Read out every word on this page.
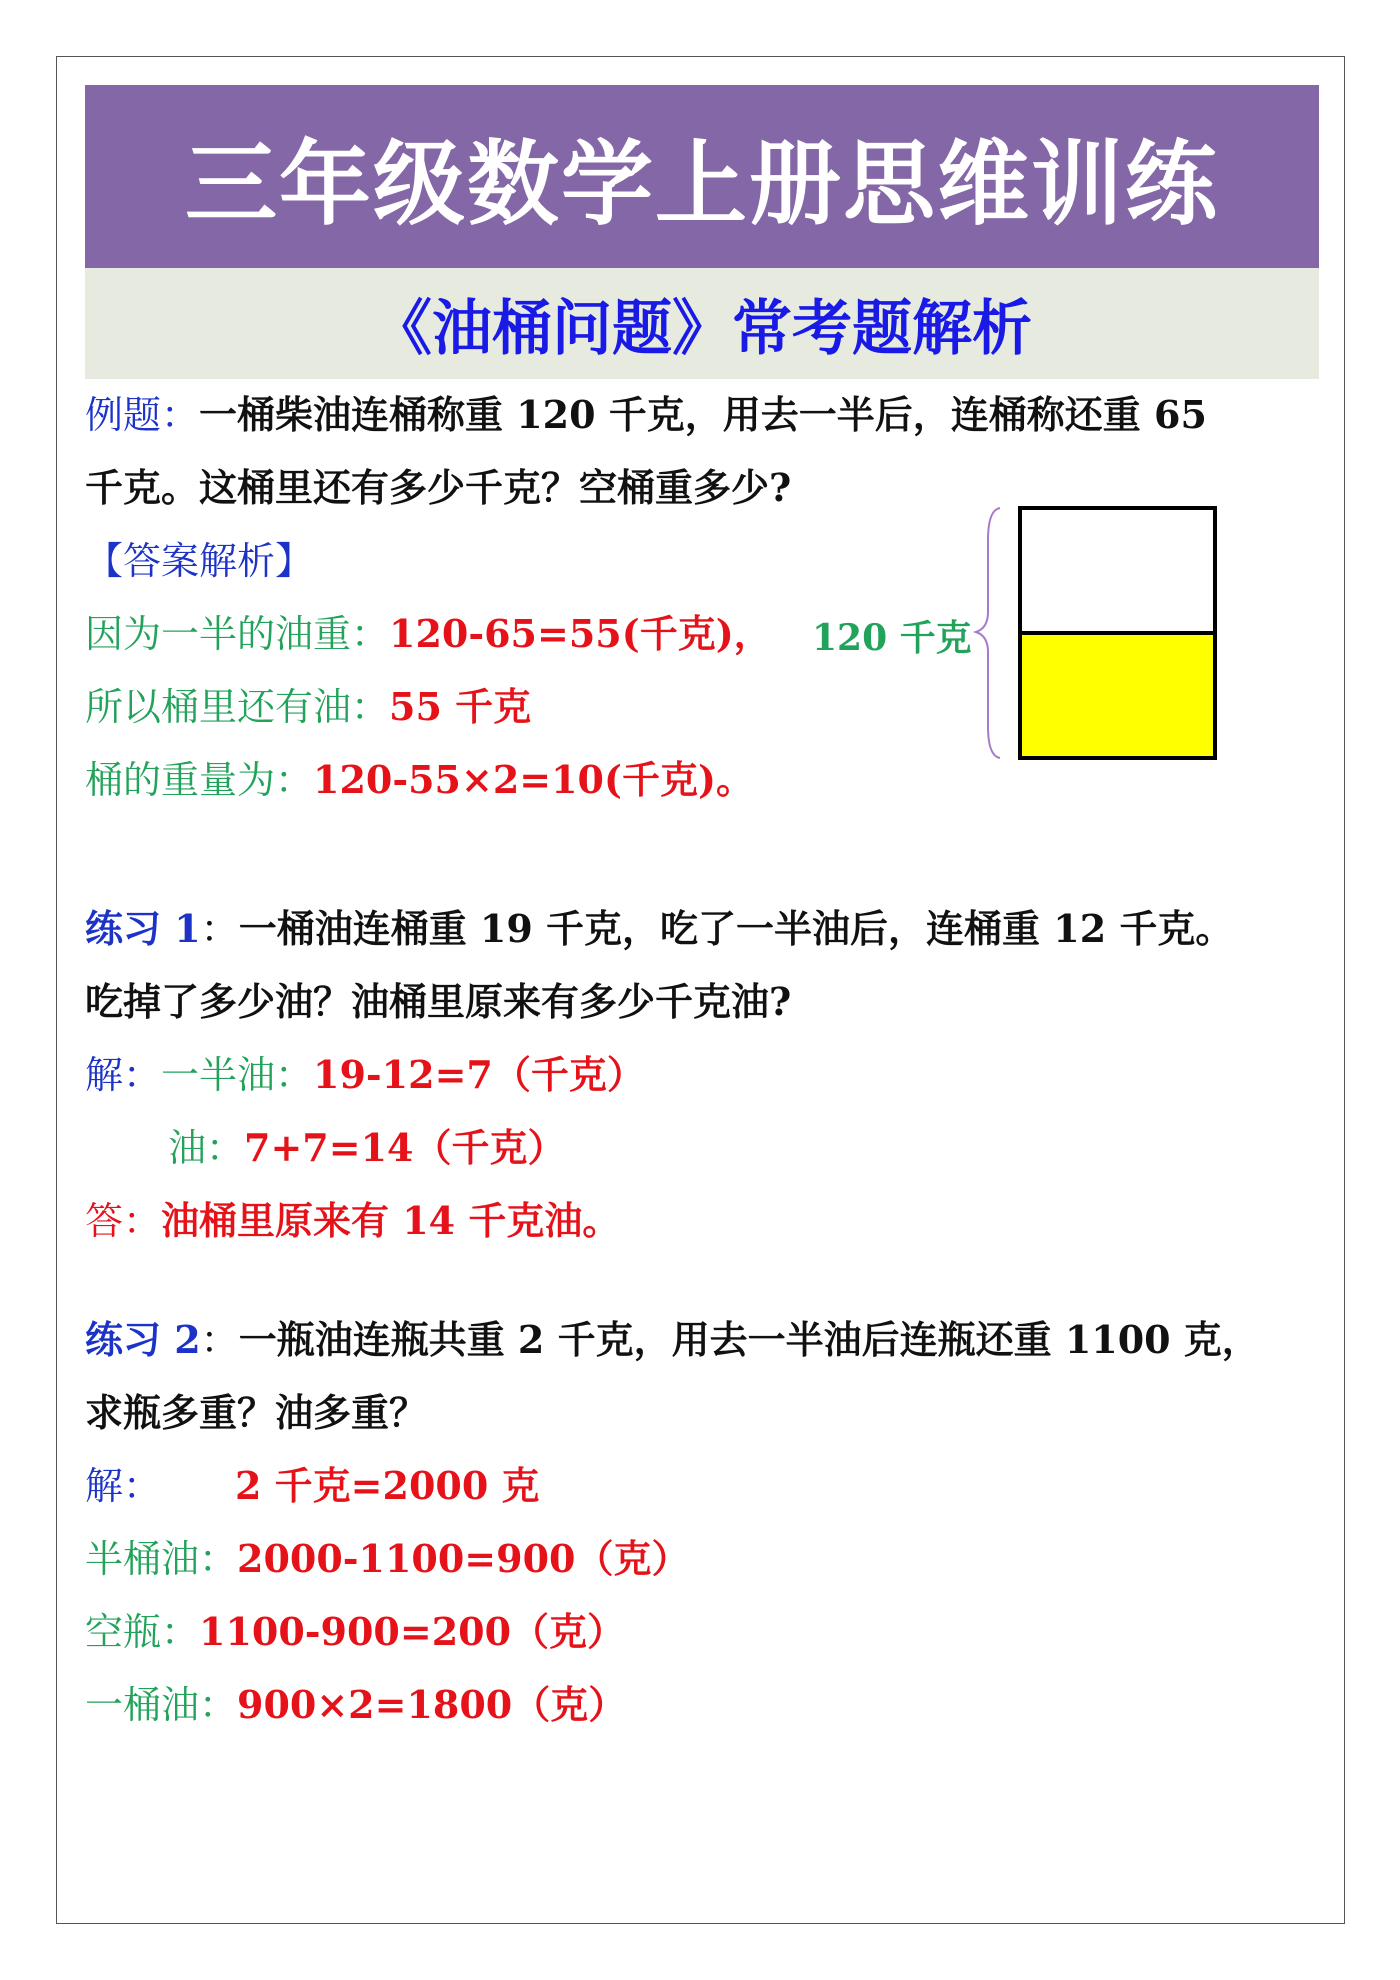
三年级数学上册思维训练
《油桶问题》常考题解析
例题：一桶柴油连桶称重 120 千克，用去一半后，连桶称还重 65
千克。这桶里还有多少千克？空桶重多少?
【答案解析】
因为一半的油重：120-65=55(千克)，
所以桶里还有油：55 千克
桶的重量为：120-55×2=10(千克)。
120 千克
练习 1：一桶油连桶重 19 千克，吃了一半油后，连桶重 12 千克。
吃掉了多少油？油桶里原来有多少千克油?
解：一半油：19-12=7（千克）
油：7+7=14（千克）
答：油桶里原来有 14 千克油。
练习 2：一瓶油连瓶共重 2 千克，用去一半油后连瓶还重 1100 克，
求瓶多重？油多重？
解： 2 千克=2000 克
半桶油：2000-1100=900（克）
空瓶：1100-900=200（克）
一桶油：900×2=1800（克）
